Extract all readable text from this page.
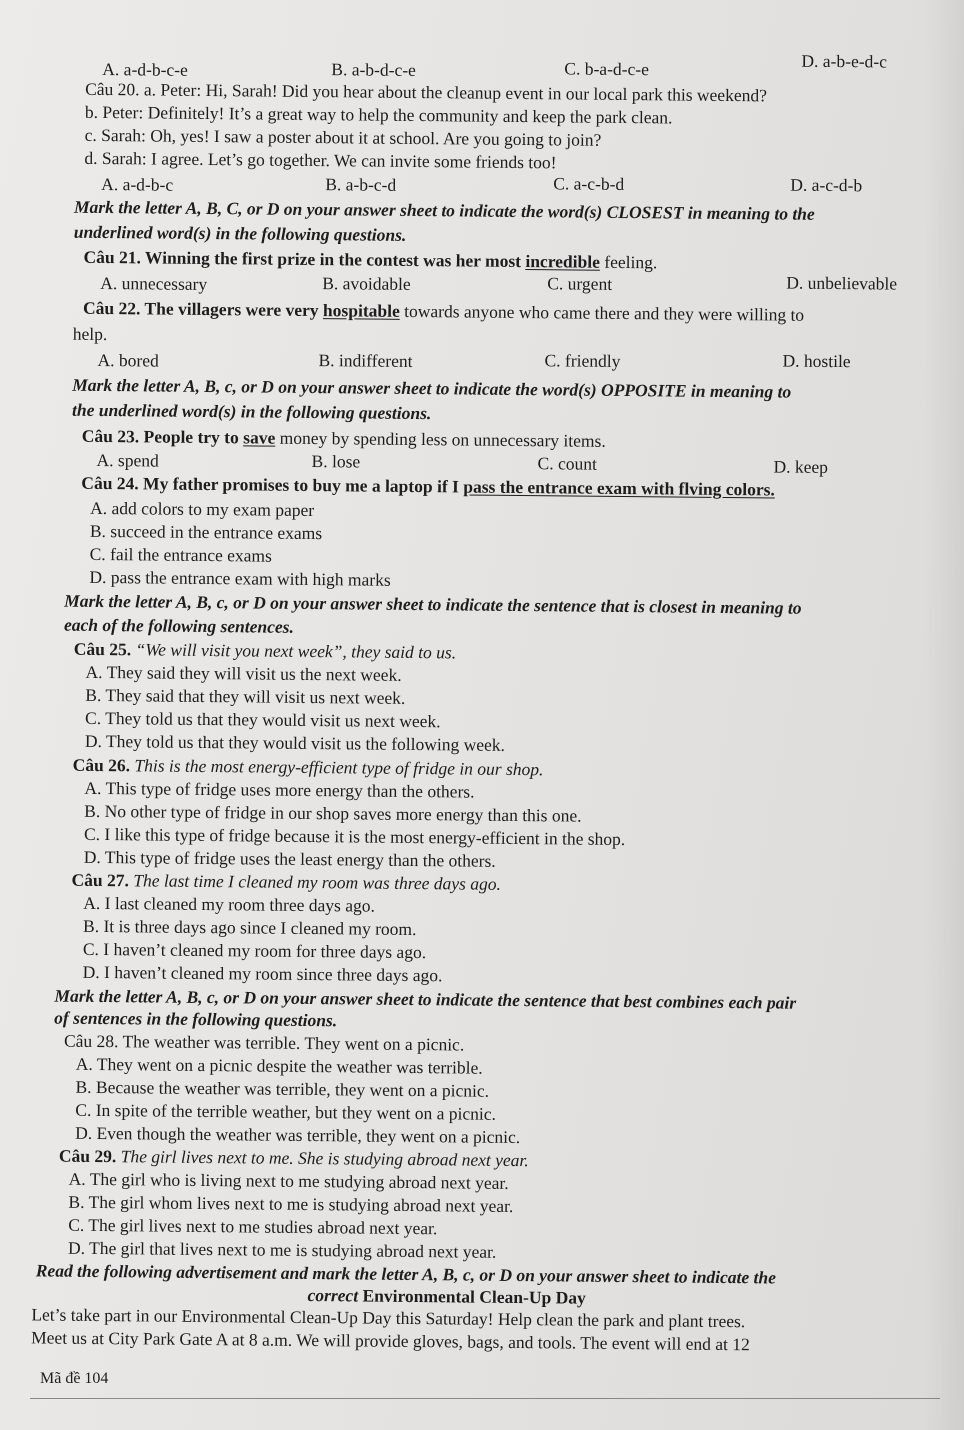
A. a-d-b-c-e	B. a-b-d-c-e	C. b-a-d-c-e	D. a-b-e-d-c
Câu 20. a. Peter: Hi, Sarah! Did you hear about the cleanup event in our local park this weekend?
b. Peter: Definitely! It’s a great way to help the community and keep the park clean.
c. Sarah: Oh, yes! I saw a poster about it at school. Are you going to join?
d. Sarah: I agree. Let’s go together. We can invite some friends too!
A. a-d-b-c	B. a-b-c-d	C. a-c-b-d	D. a-c-d-b
Mark the letter A, B, C, or D on your answer sheet to indicate the word(s) CLOSEST in meaning to the
underlined word(s) in the following questions.
Câu 21. Winning the first prize in the contest was her most incredible feeling.
A. unnecessary	B. avoidable	C. urgent	D. unbelievable
Câu 22. The villagers were very hospitable towards anyone who came there and they were willing to
help.
A. bored	B. indifferent	C. friendly	D. hostile
Mark the letter A, B, c, or D on your answer sheet to indicate the word(s) OPPOSITE in meaning to
the underlined word(s) in the following questions.
Câu 23. People try to save money by spending less on unnecessary items.
A. spend	B. lose	C. count	D. keep
Câu 24. My father promises to buy me a laptop if I pass the entrance exam with flving colors.
A. add colors to my exam paper
B. succeed in the entrance exams
C. fail the entrance exams
D. pass the entrance exam with high marks
Mark the letter A, B, c, or D on your answer sheet to indicate the sentence that is closest in meaning to
each of the following sentences.
Câu 25. “We will visit you next week”, they said to us.
A. They said they will visit us the next week.
B. They said that they will visit us next week.
C. They told us that they would visit us next week.
D. They told us that they would visit us the following week.
Câu 26. This is the most energy-efficient type of fridge in our shop.
A. This type of fridge uses more energy than the others.
B. No other type of fridge in our shop saves more energy than this one.
C. I like this type of fridge because it is the most energy-efficient in the shop.
D. This type of fridge uses the least energy than the others.
Câu 27. The last time I cleaned my room was three days ago.
A. I last cleaned my room three days ago.
B. It is three days ago since I cleaned my room.
C. I haven’t cleaned my room for three days ago.
D. I haven’t cleaned my room since three days ago.
Mark the letter A, B, c, or D on your answer sheet to indicate the sentence that best combines each pair
of sentences in the following questions.
Câu 28. The weather was terrible. They went on a picnic.
A. They went on a picnic despite the weather was terrible.
B. Because the weather was terrible, they went on a picnic.
C. In spite of the terrible weather, but they went on a picnic.
D. Even though the weather was terrible, they went on a picnic.
Câu 29. The girl lives next to me. She is studying abroad next year.
A. The girl who is living next to me studying abroad next year.
B. The girl whom lives next to me is studying abroad next year.
C. The girl lives next to me studies abroad next year.
D. The girl that lives next to me is studying abroad next year.
Read the following advertisement and mark the letter A, B, c, or D on your answer sheet to indicate the
correct Environmental Clean-Up Day
Let’s take part in our Environmental Clean-Up Day this Saturday! Help clean the park and plant trees.
Meet us at City Park Gate A at 8 a.m. We will provide gloves, bags, and tools. The event will end at 12
Mã đề 104
